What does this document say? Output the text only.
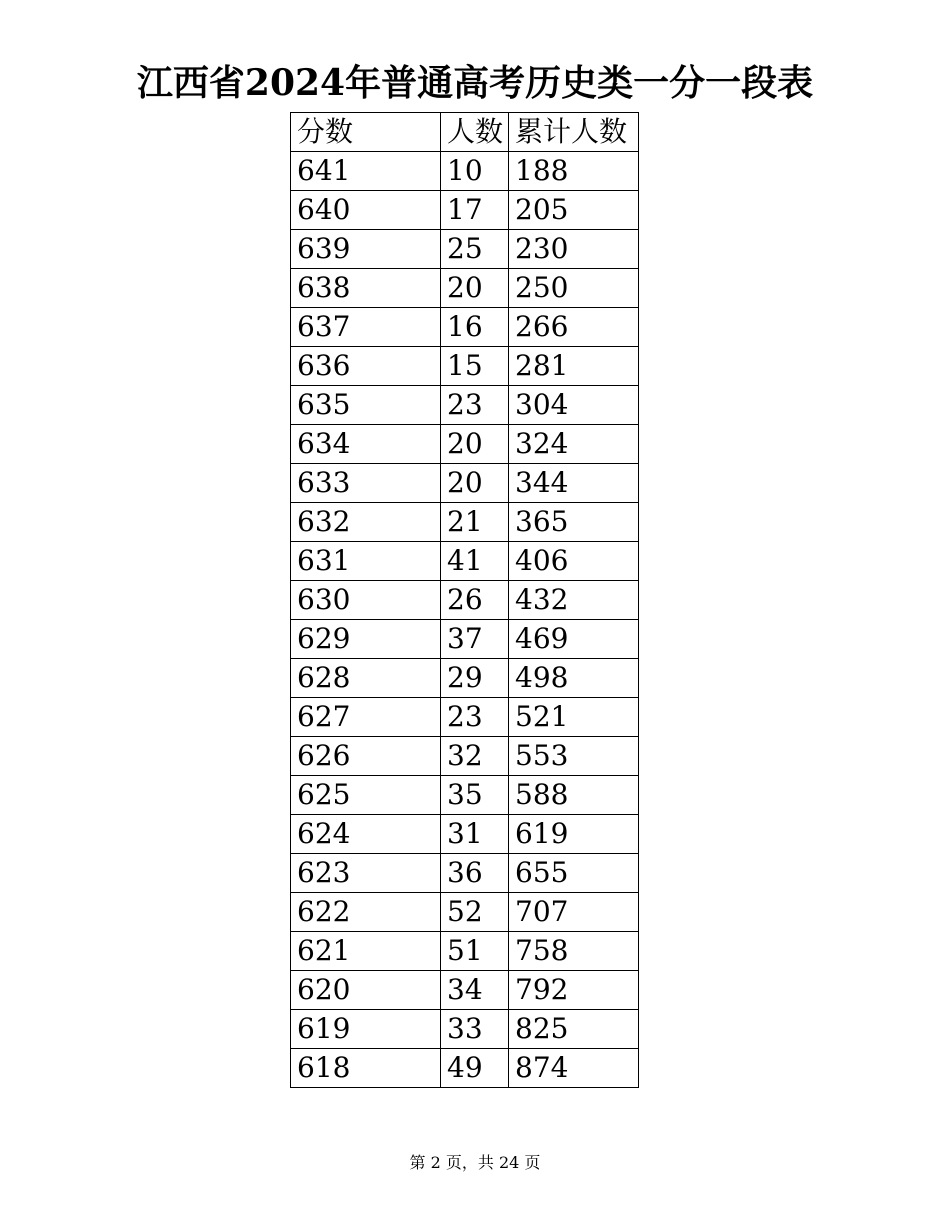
江西省2024年普通高考历史类一分一段表
分数	人数	累计人数
641	10	188
640	17	205
639	25	230
638	20	250
637	16	266
636	15	281
635	23	304
634	20	324
633	20	344
632	21	365
631	41	406
630	26	432
629	37	469
628	29	498
627	23	521
626	32	553
625	35	588
624	31	619
623	36	655
622	52	707
621	51	758
620	34	792
619	33	825
618	49	874
第 2 页，共 24 页
